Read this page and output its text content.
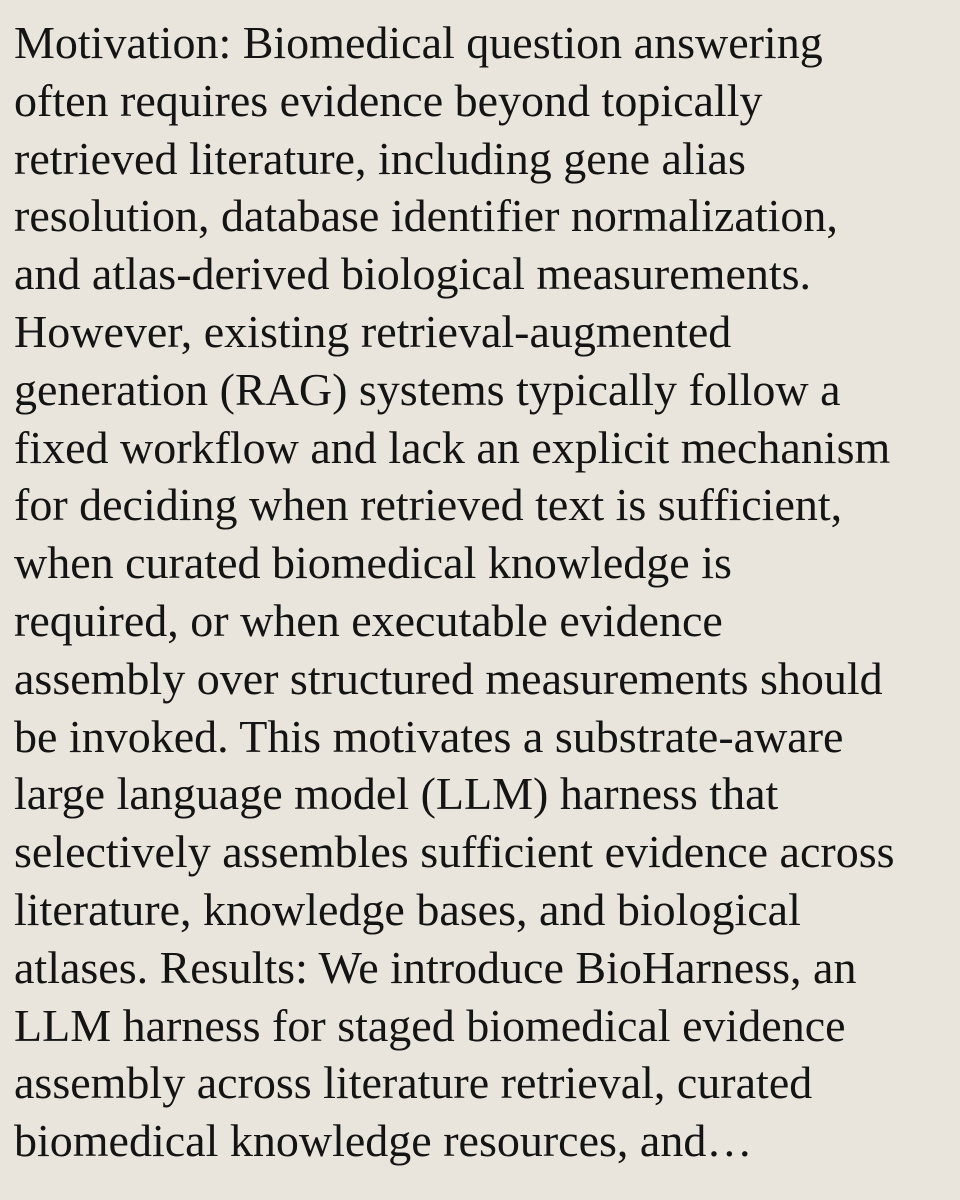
Motivation: Biomedical question answering
often requires evidence beyond topically
retrieved literature, including gene alias
resolution, database identifier normalization,
and atlas-derived biological measurements.
However, existing retrieval-augmented
generation (RAG) systems typically follow a
fixed workflow and lack an explicit mechanism
for deciding when retrieved text is sufficient,
when curated biomedical knowledge is
required, or when executable evidence
assembly over structured measurements should
be invoked. This motivates a substrate-aware
large language model (LLM) harness that
selectively assembles sufficient evidence across
literature, knowledge bases, and biological
atlases. Results: We introduce BioHarness, an
LLM harness for staged biomedical evidence
assembly across literature retrieval, curated
biomedical knowledge resources, and…
